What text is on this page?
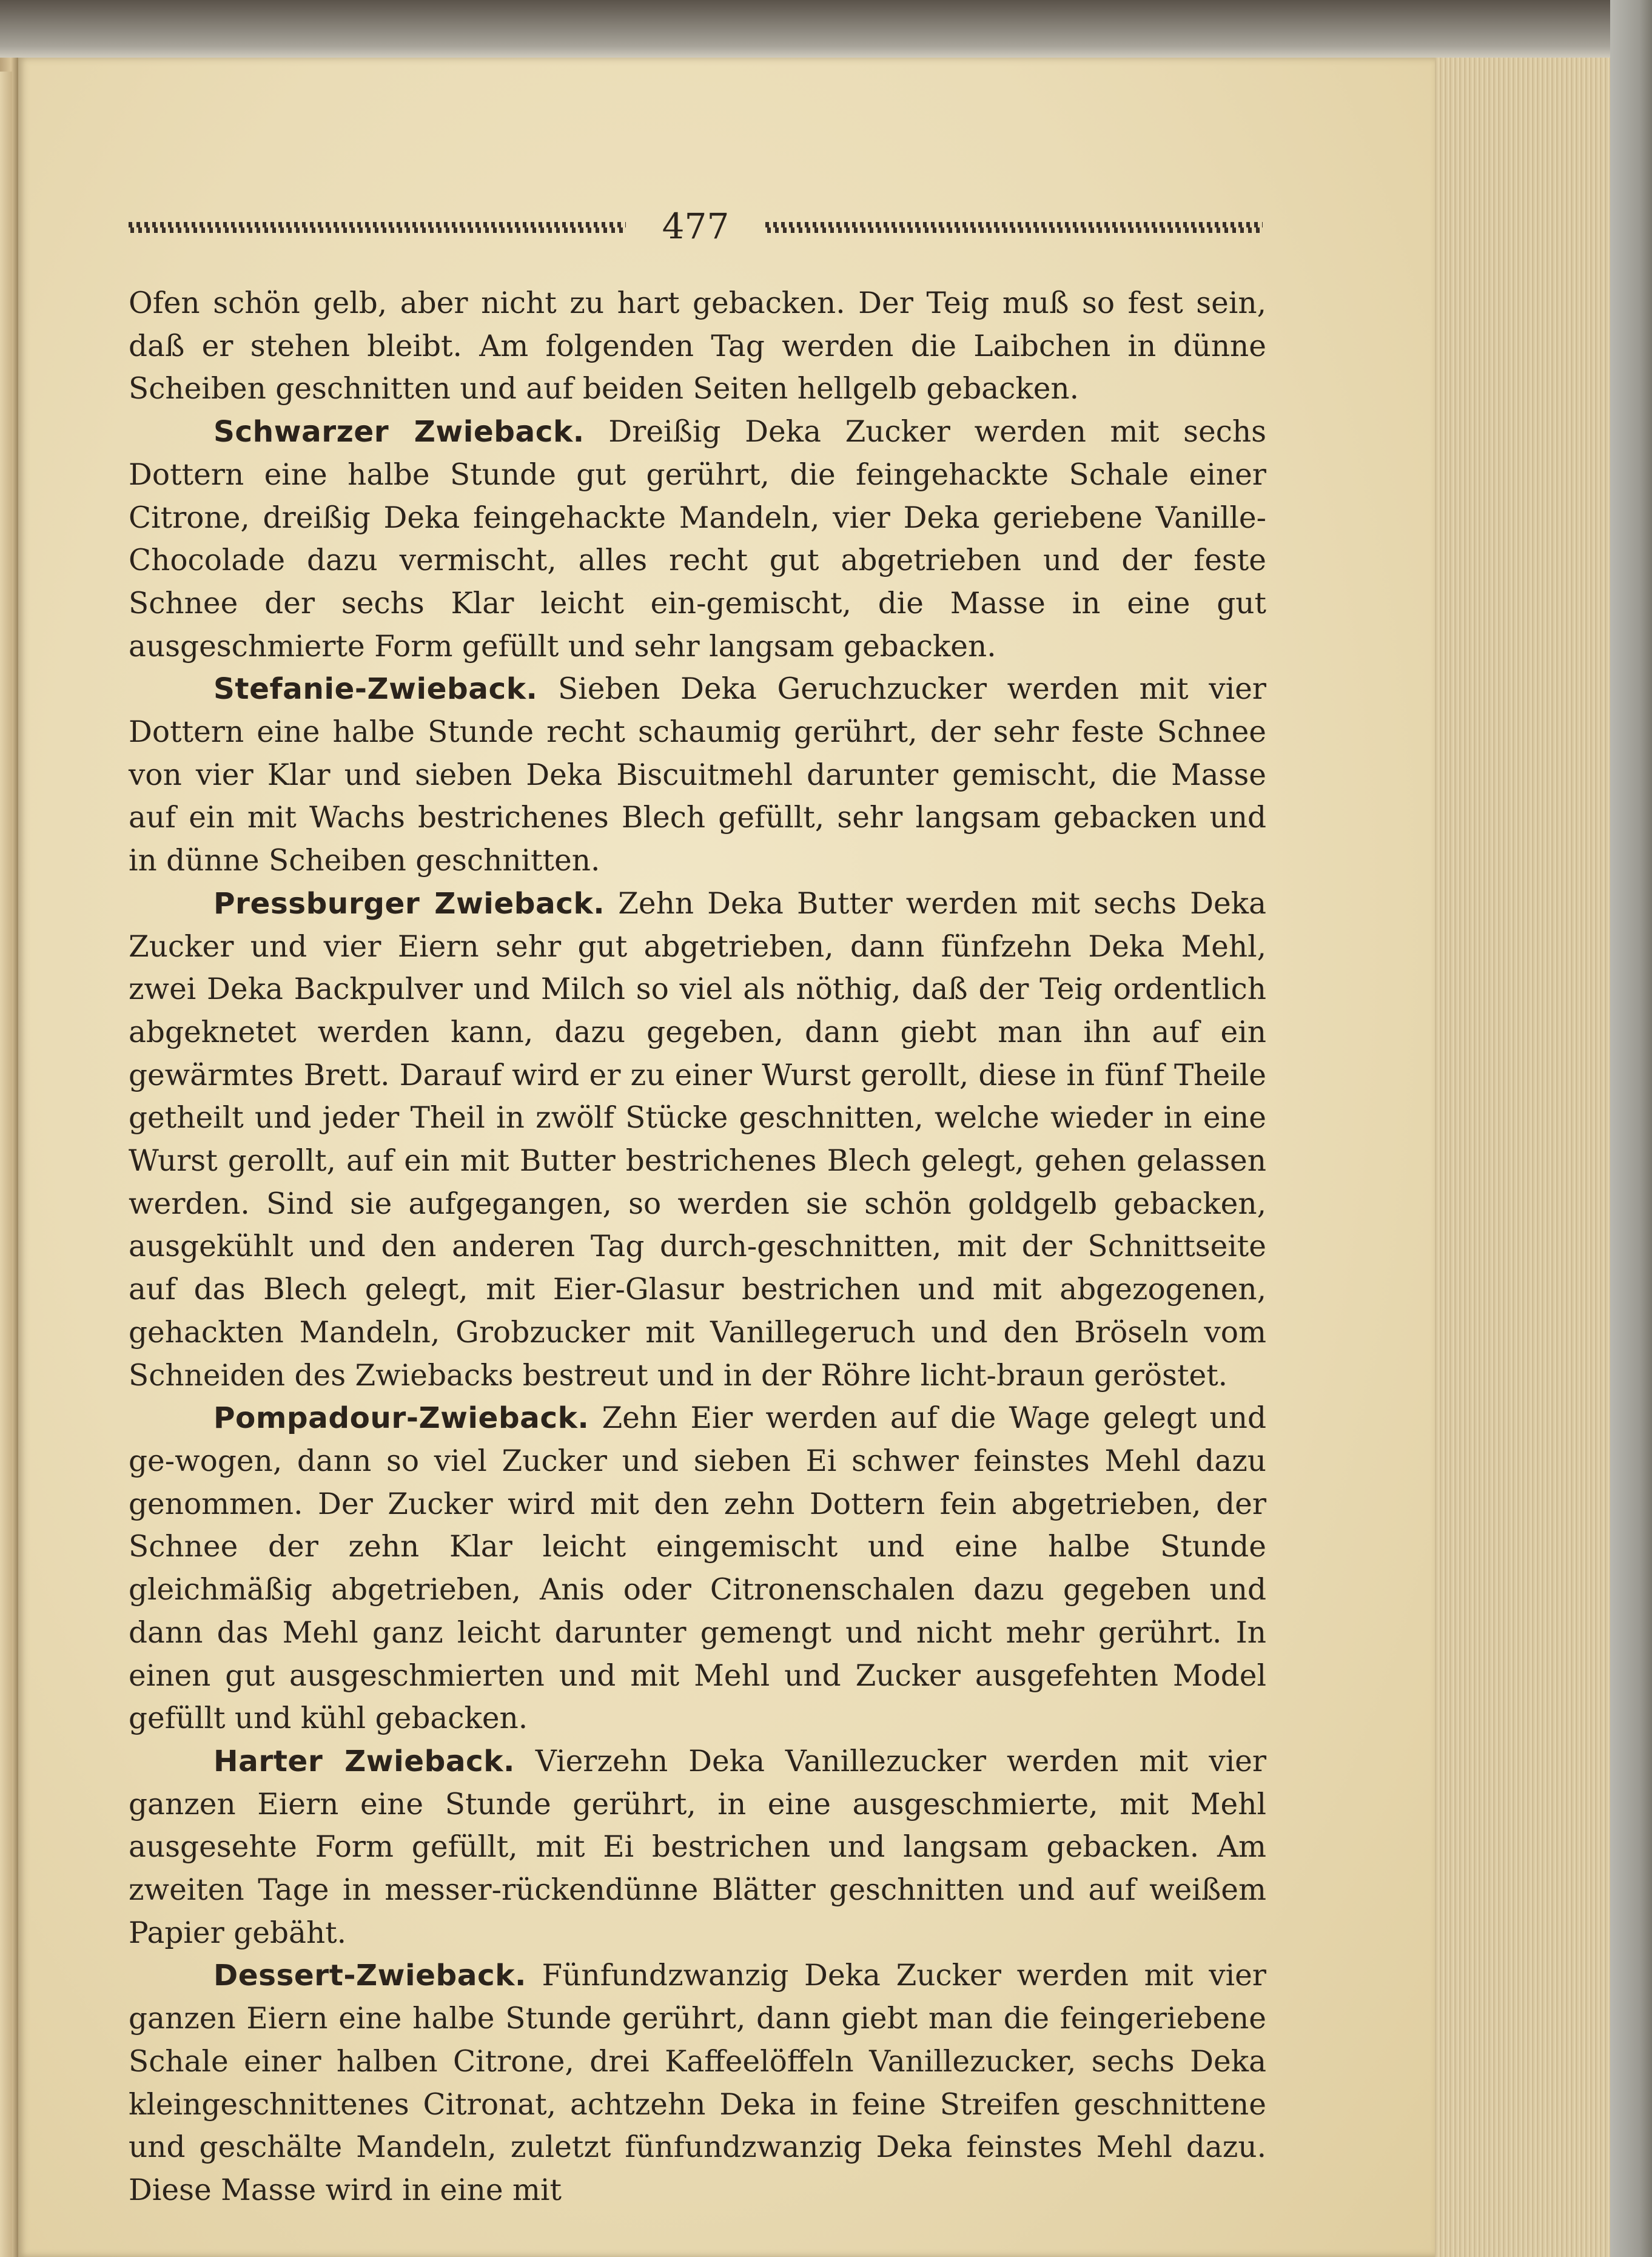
477

Ofen schön gelb, aber nicht zu hart gebacken. Der Teig muß so fest sein, daß er stehen bleibt. Am folgenden Tag werden die Laibchen in dünne Scheiben geschnitten und auf beiden Seiten hellgelb gebacken.

Schwarzer Zwieback. Dreißig Deka Zucker werden mit sechs Dottern eine halbe Stunde gut gerührt, die feingehackte Schale einer Citrone, dreißig Deka feingehackte Mandeln, vier Deka geriebene Vanille-Chocolade dazu vermischt, alles recht gut abgetrieben und der feste Schnee der sechs Klar leicht ein-gemischt, die Masse in eine gut ausgeschmierte Form gefüllt und sehr langsam gebacken.

Stefanie-Zwieback. Sieben Deka Geruchzucker werden mit vier Dottern eine halbe Stunde recht schaumig gerührt, der sehr feste Schnee von vier Klar und sieben Deka Biscuitmehl darunter gemischt, die Masse auf ein mit Wachs bestrichenes Blech gefüllt, sehr langsam gebacken und in dünne Scheiben geschnitten.

Pressburger Zwieback. Zehn Deka Butter werden mit sechs Deka Zucker und vier Eiern sehr gut abgetrieben, dann fünfzehn Deka Mehl, zwei Deka Backpulver und Milch so viel als nöthig, daß der Teig ordentlich abgeknetet werden kann, dazu gegeben, dann giebt man ihn auf ein gewärmtes Brett. Darauf wird er zu einer Wurst gerollt, diese in fünf Theile getheilt und jeder Theil in zwölf Stücke geschnitten, welche wieder in eine Wurst gerollt, auf ein mit Butter bestrichenes Blech gelegt, gehen gelassen werden. Sind sie aufgegangen, so werden sie schön goldgelb gebacken, ausgekühlt und den anderen Tag durch-geschnitten, mit der Schnittseite auf das Blech gelegt, mit Eier-Glasur bestrichen und mit abgezogenen, gehackten Mandeln, Grobzucker mit Vanillegeruch und den Bröseln vom Schneiden des Zwiebacks bestreut und in der Röhre licht-braun geröstet.

Pompadour-Zwieback. Zehn Eier werden auf die Wage gelegt und ge-wogen, dann so viel Zucker und sieben Ei schwer feinstes Mehl dazu genommen. Der Zucker wird mit den zehn Dottern fein abgetrieben, der Schnee der zehn Klar leicht eingemischt und eine halbe Stunde gleichmäßig abgetrieben, Anis oder Citronenschalen dazu gegeben und dann das Mehl ganz leicht darunter gemengt und nicht mehr gerührt. In einen gut ausgeschmierten und mit Mehl und Zucker ausgefehten Model gefüllt und kühl gebacken.

Harter Zwieback. Vierzehn Deka Vanillezucker werden mit vier ganzen Eiern eine Stunde gerührt, in eine ausgeschmierte, mit Mehl ausgesehte Form gefüllt, mit Ei bestrichen und langsam gebacken. Am zweiten Tage in messer-rückendünne Blätter geschnitten und auf weißem Papier gebäht.

Dessert-Zwieback. Fünfundzwanzig Deka Zucker werden mit vier ganzen Eiern eine halbe Stunde gerührt, dann giebt man die feingeriebene Schale einer halben Citrone, drei Kaffeelöffeln Vanillezucker, sechs Deka kleingeschnittenes Citronat, achtzehn Deka in feine Streifen geschnittene und geschälte Mandeln, zuletzt fünfundzwanzig Deka feinstes Mehl dazu. Diese Masse wird in eine mit
